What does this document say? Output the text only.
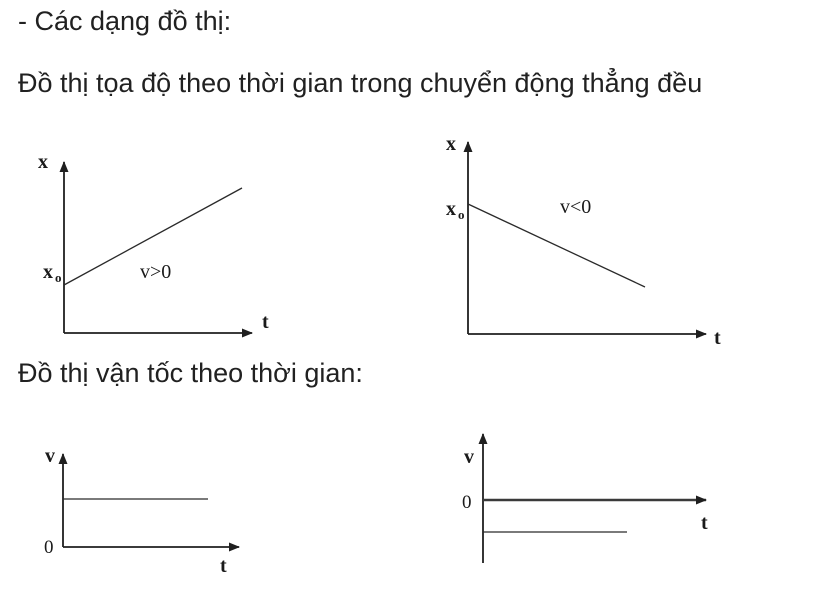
- Các dạng đồ thị:

Đồ thị tọa độ theo thời gian trong chuyển động thẳng đều

Đồ thị vận tốc theo thời gian:

x
x o	v>0
t
x
x o	v<0
t
v
0
t
v
0
t
